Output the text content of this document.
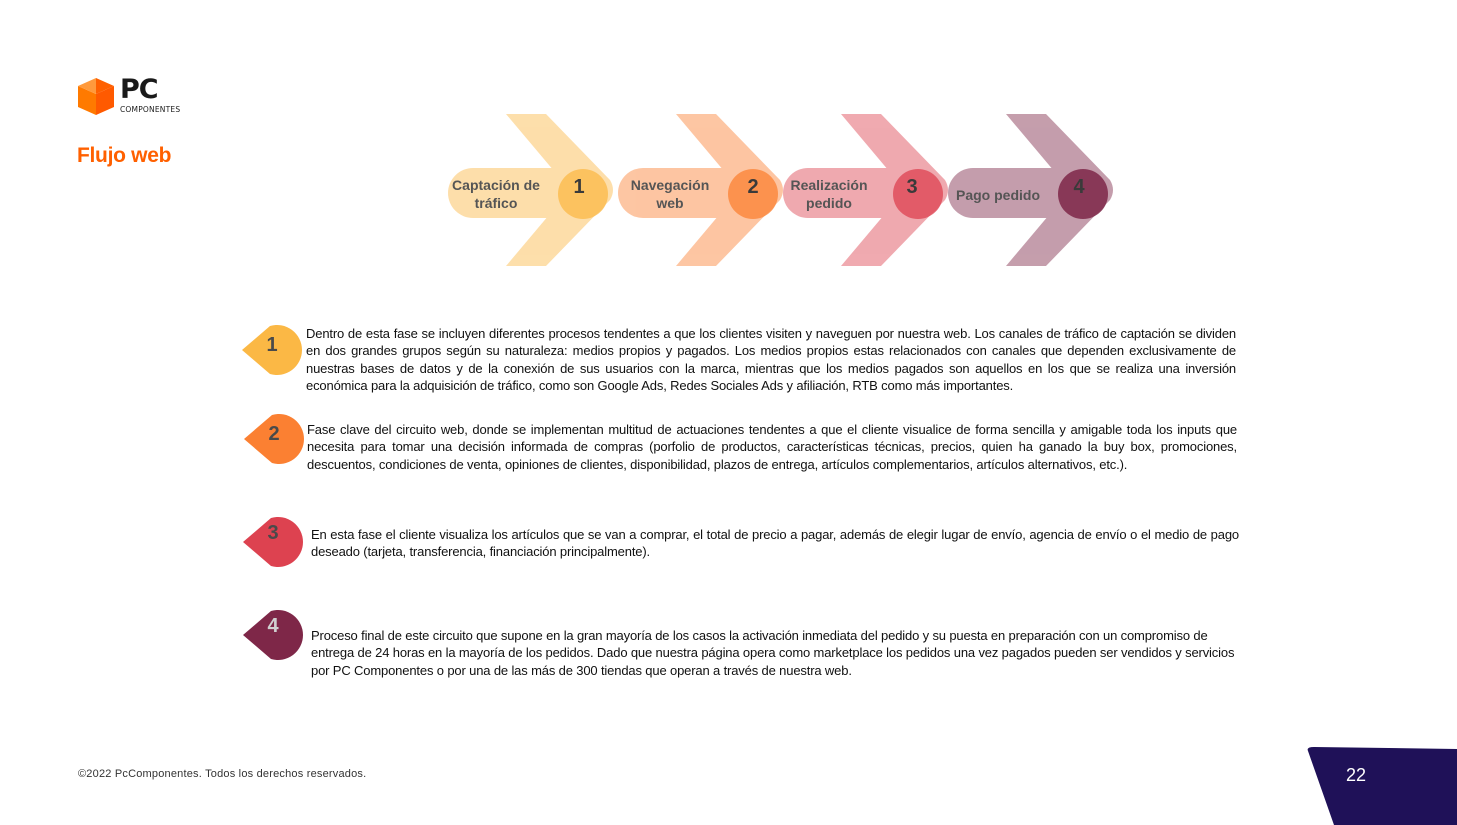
PC
COMPONENTES
Flujo web
Captación de tráfico
1	Navegación web
2	Realización pedido
3	Pago pedido	4
1

Dentro de esta fase se incluyen diferentes procesos tendentes a que los clientes visiten y naveguen por nuestra web. Los canales de tráfico de captación se dividen en dos grandes grupos según su naturaleza: medios propios y pagados. Los medios propios estas relacionados con canales que dependen exclusivamente de nuestras bases de datos y de la conexión de sus usuarios con la marca, mientras que los medios pagados son aquellos en los que se realiza una inversión económica para la adquisición de tráfico, como son Google Ads, Redes Sociales Ads y afiliación, RTB como más importantes.

2	Fase clave del circuito web, donde se implementan multitud de actuaciones tendentes a que el cliente visualice de forma sencilla y amigable toda los inputs que necesita para tomar una decisión informada de compras (porfolio de productos, características técnicas, precios, quien ha ganado la buy box, promociones, descuentos, condiciones de venta, opiniones de clientes, disponibilidad, plazos de entrega, artículos complementarios, artículos alternativos, etc.).

3	En esta fase el cliente visualiza los artículos que se van a comprar, el total de precio a pagar, además de elegir lugar de envío, agencia de envío o el medio de pago deseado (tarjeta, transferencia, financiación principalmente).

4	Proceso final de este circuito que supone en la gran mayoría de los casos la activación inmediata del pedido y su puesta en preparación con un compromiso de entrega de 24 horas en la mayoría de los pedidos. Dado que nuestra página opera como marketplace los pedidos una vez pagados pueden ser vendidos y servicios por PC Componentes o por una de las más de 300 tiendas que operan a través de nuestra web.

©2022 PcComponentes. Todos los derechos reservados.	22
